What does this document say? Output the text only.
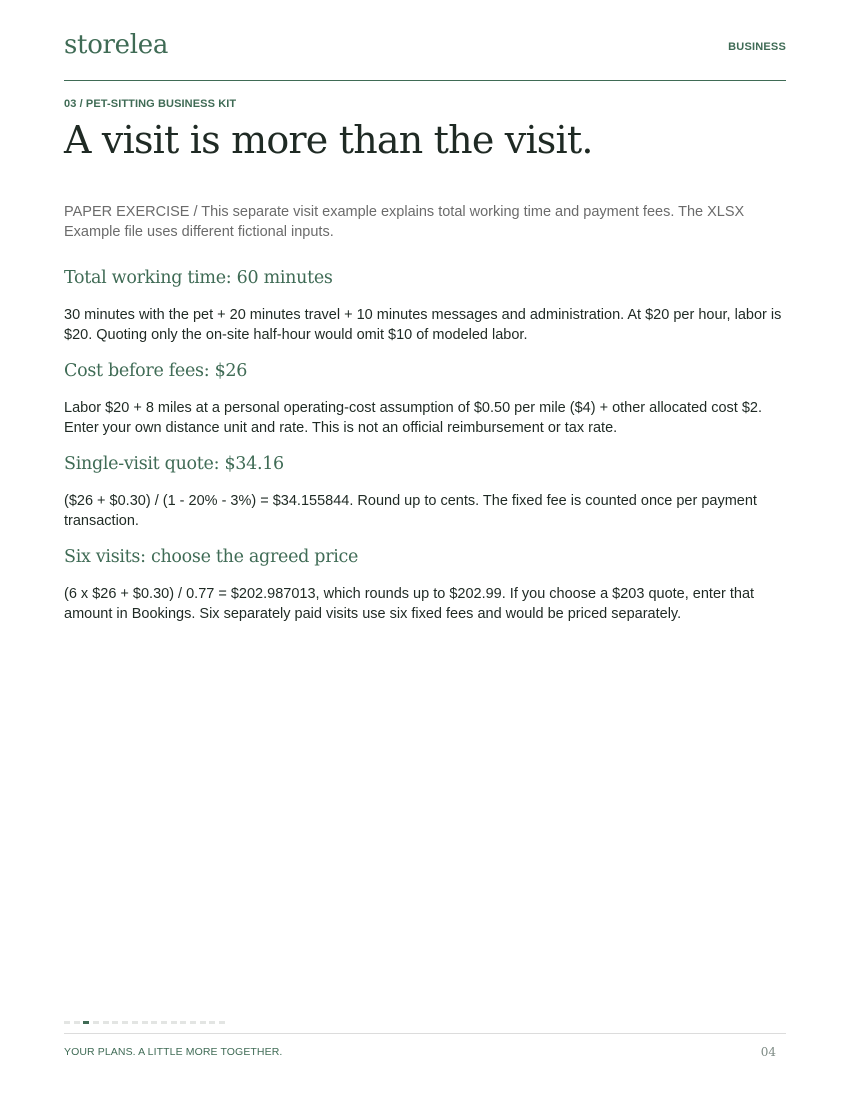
storelea	BUSINESS
03 / PET-SITTING BUSINESS KIT
A visit is more than the visit.

PAPER EXERCISE / This separate visit example explains total working time and payment fees. The XLSX Example file uses different fictional inputs.

Total working time: 60 minutes

30 minutes with the pet + 20 minutes travel + 10 minutes messages and administration. At $20 per hour, labor is $20. Quoting only the on-site half-hour would omit $10 of modeled labor.

Cost before fees: $26

Labor $20 + 8 miles at a personal operating-cost assumption of $0.50 per mile ($4) + other allocated cost $2. Enter your own distance unit and rate. This is not an official reimbursement or tax rate.

Single-visit quote: $34.16

($26 + $0.30) / (1 - 20% - 3%) = $34.155844. Round up to cents. The fixed fee is counted once per payment transaction.

Six visits: choose the agreed price

(6 x $26 + $0.30) / 0.77 = $202.987013, which rounds up to $202.99. If you choose a $203 quote, enter that amount in Bookings. Six separately paid visits use six fixed fees and would be priced separately.

YOUR PLANS. A LITTLE MORE TOGETHER.	04
